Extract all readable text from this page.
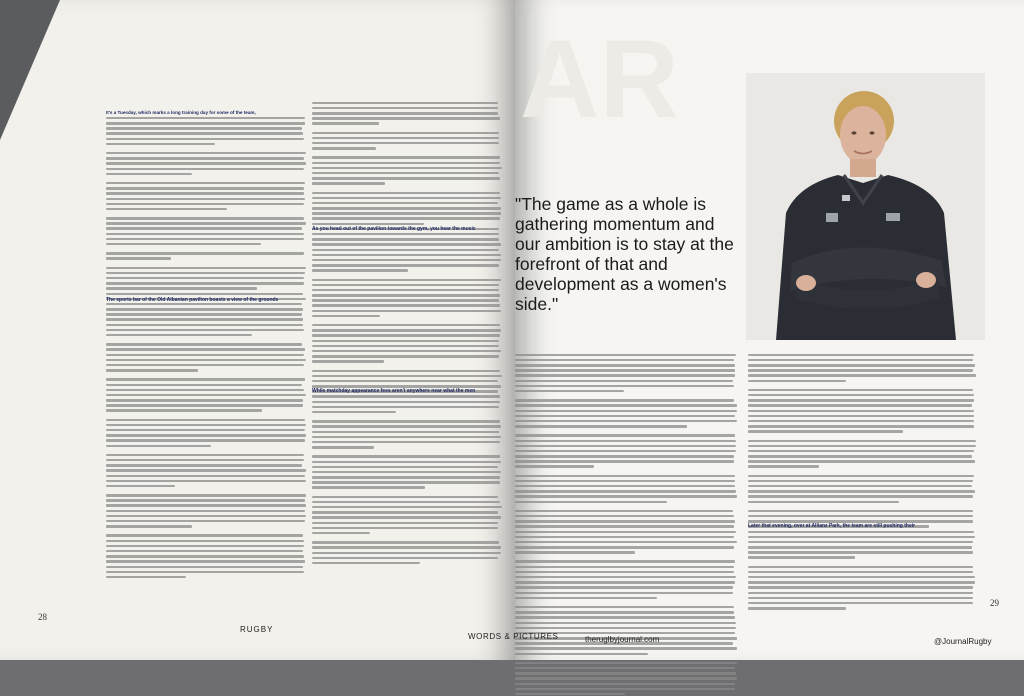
AR
It's a Tuesday, which marks a long training day for some of the team,
The sports bar of the Old Albanian pavilion boasts a view of the grounds
As you head out of the pavilion towards the gym, you hear the music
While matchday appearance fees aren't anywhere near what the men
Later that evening, over at Allianz Park, the team are still pushing their
"The game as a whole is gathering momentum and our ambition is to stay at the forefront of that and development as a women's side."
28
RUGBY
WORDS & PICTURES	theruglbyjournal.com	@JournalRugby
29
